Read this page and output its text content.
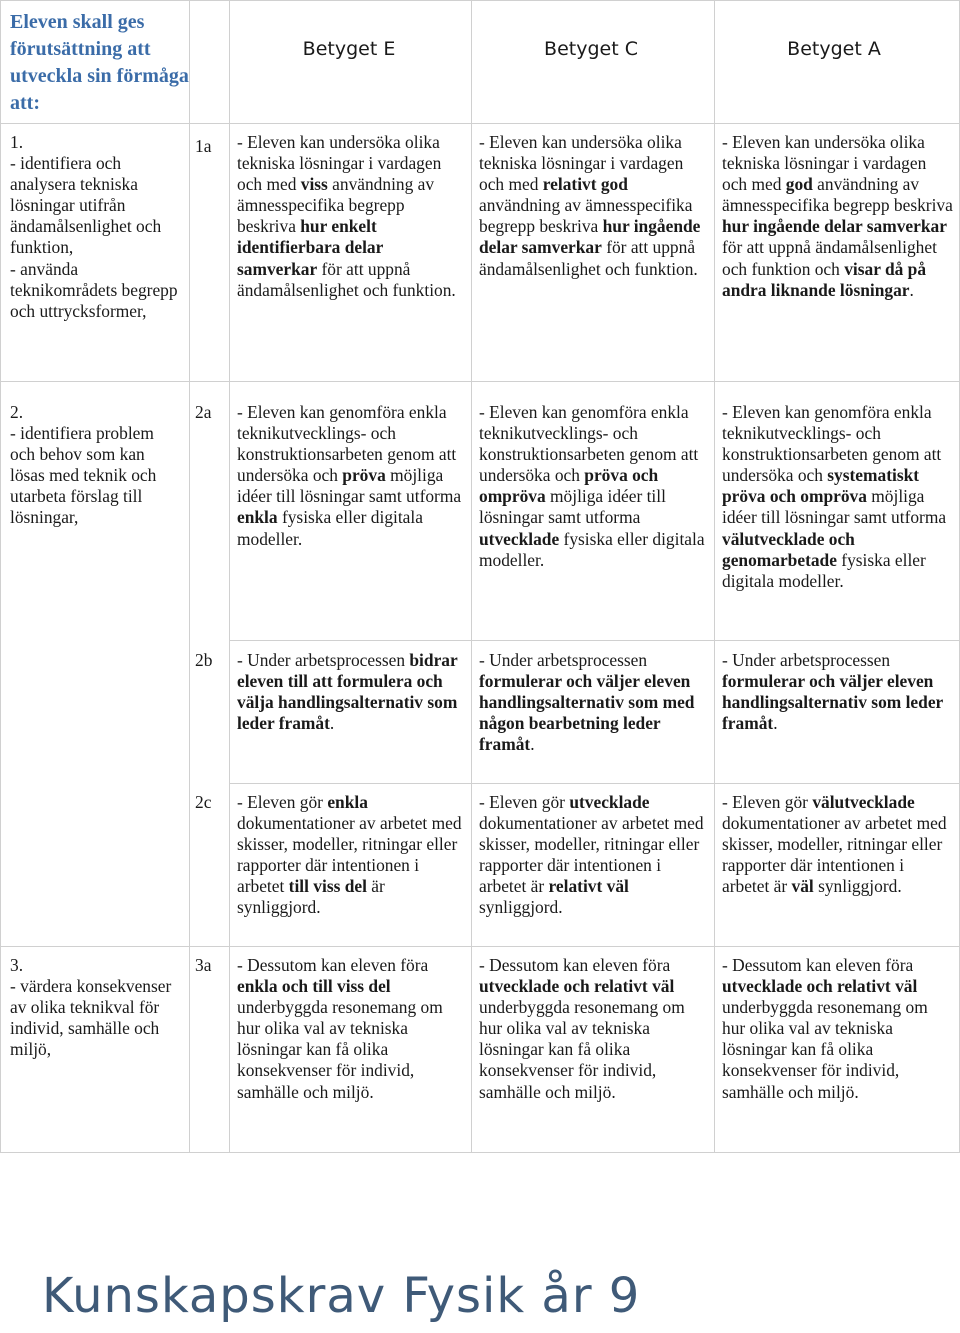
Eleven skall ges förutsättning att utveckla sin förmåga att:
Betyget E	Betyget C	Betyget A
1.
- identifiera och analysera tekniska lösningar utifrån ändamålsenlighet och funktion,
- använda teknikområdets begrepp och uttrycksformer,
1a - Eleven kan undersöka olika tekniska lösningar i vardagen och med viss användning av ämnesspecifika begrepp beskriva hur enkelt identifierbara delar samverkar för att uppnå ändamålsenlighet och funktion.
- Eleven kan undersöka olika tekniska lösningar i vardagen och med relativt god användning av ämnesspecifika begrepp beskriva hur ingående delar samverkar för att uppnå ändamålsenlighet och funktion.
- Eleven kan undersöka olika tekniska lösningar i vardagen och med god användning av ämnesspecifika begrepp beskriva hur ingående delar samverkar för att uppnå ändamålsenlighet och funktion och visar då på andra liknande lösningar.
2.
- identifiera problem och behov som kan lösas med teknik och utarbeta förslag till lösningar,
2a - Eleven kan genomföra enkla teknikutvecklings- och konstruktionsarbeten genom att undersöka och pröva möjliga idéer till lösningar samt utforma enkla fysiska eller digitala modeller.
- Eleven kan genomföra enkla teknikutvecklings- och konstruktionsarbeten genom att undersöka och pröva och ompröva möjliga idéer till lösningar samt utforma utvecklade fysiska eller digitala modeller.
- Eleven kan genomföra enkla teknikutvecklings- och konstruktionsarbeten genom att undersöka och systematiskt pröva och ompröva möjliga idéer till lösningar samt utforma välutvecklade och genomarbetade fysiska eller digitala modeller.
2b - Under arbetsprocessen bidrar eleven till att formulera och välja handlingsalternativ som leder framåt.
- Under arbetsprocessen formulerar och väljer eleven handlingsalternativ som med någon bearbetning leder framåt.
- Under arbetsprocessen formulerar och väljer eleven handlingsalternativ som leder framåt.
2c - Eleven gör enkla dokumentationer av arbetet med skisser, modeller, ritningar eller rapporter där intentionen i arbetet till viss del är synliggjord.
- Eleven gör utvecklade dokumentationer av arbetet med skisser, modeller, ritningar eller rapporter där intentionen i arbetet är relativt väl synliggjord.
- Eleven gör välutvecklade dokumentationer av arbetet med skisser, modeller, ritningar eller rapporter där intentionen i arbetet är väl synliggjord.
3.
- värdera konsekvenser av olika teknikval för individ, samhälle och miljö,
3a - Dessutom kan eleven föra enkla och till viss del underbyggda resonemang om hur olika val av tekniska lösningar kan få olika konsekvenser för individ, samhälle och miljö.
- Dessutom kan eleven föra utvecklade och relativt väl underbyggda resonemang om hur olika val av tekniska lösningar kan få olika konsekvenser för individ, samhälle och miljö.
- Dessutom kan eleven föra utvecklade och relativt väl underbyggda resonemang om hur olika val av tekniska lösningar kan få olika konsekvenser för individ, samhälle och miljö.
Kunskapskrav Fysik år 9
